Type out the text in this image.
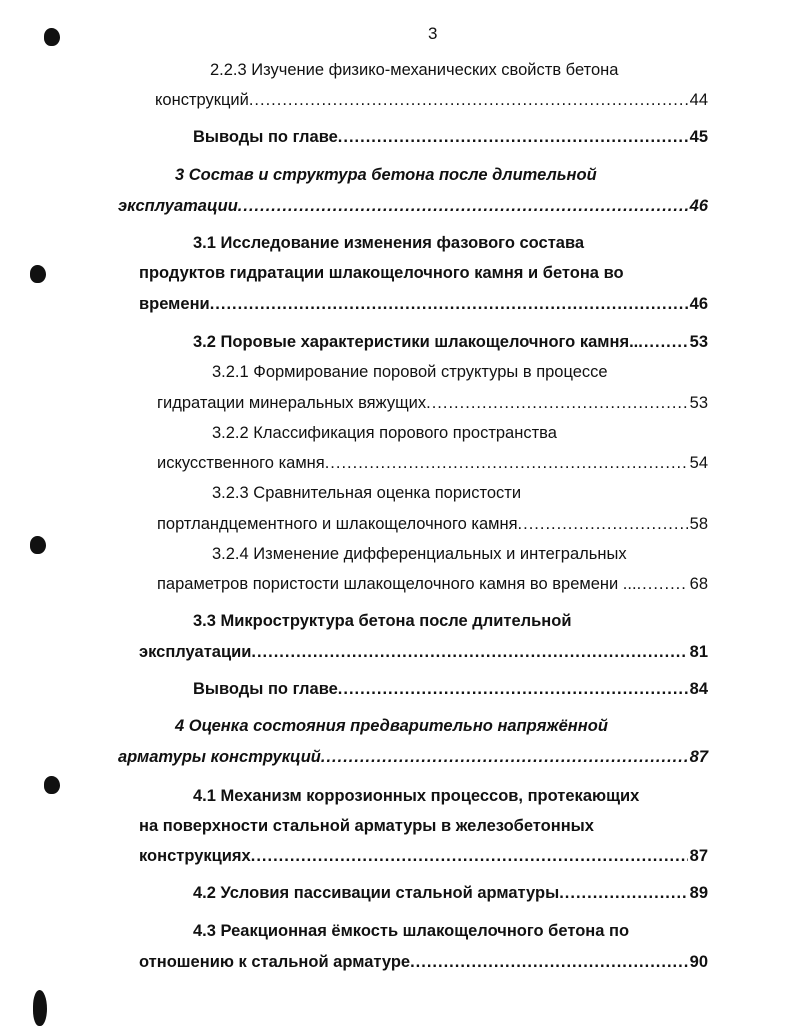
3
2.2.3 Изучение физико-механических свойств бетона
конструкций .....	44
Выводы по главе .....	45
3 Состав и структура бетона после длительной
эксплуатации .....	46
3.1 Исследование изменения фазового состава
продуктов гидратации шлакощелочного камня и бетона во
времени .....	46
3.2 Поровые характеристики шлакощелочного камня.. .....	53
3.2.1 Формирование поровой структуры в процессе
гидратации минеральных вяжущих .....	53
3.2.2 Классификация порового пространства
искусственного камня .....	54
3.2.3 Сравнительная оценка пористости
портландцементного и шлакощелочного камня .....	58
3.2.4 Изменение дифференциальных и интегральных
параметров пористости шлакощелочного камня во времени ... .....	68
3.3 Микроструктура бетона после длительной
эксплуатации .....	81
Выводы по главе .....	84
4 Оценка состояния предварительно напряжённой
арматуры конструкций .....	87
4.1 Механизм коррозионных процессов, протекающих
на поверхности стальной арматуры в железобетонных
конструкциях .....	87
4.2 Условия пассивации стальной арматуры .....	89
4.3 Реакционная ёмкость шлакощелочного бетона по
отношению к стальной арматуре .....	90
